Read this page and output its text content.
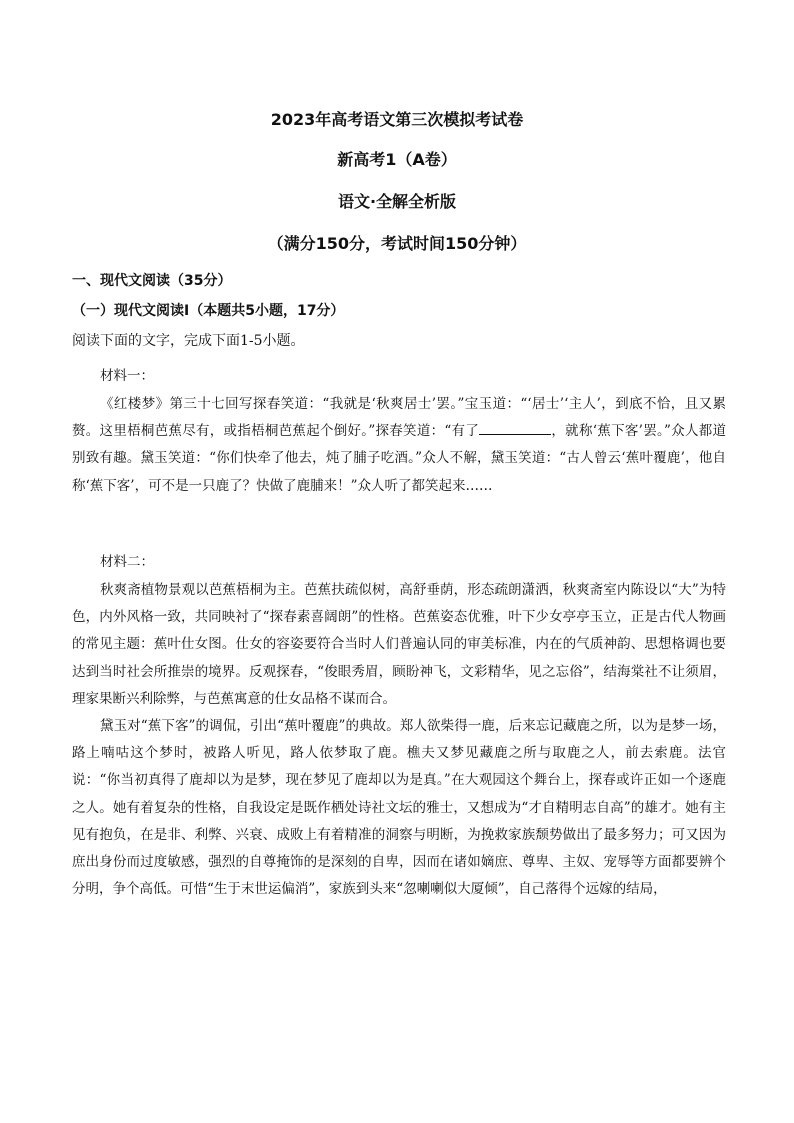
2023年高考语文第三次模拟考试卷
新高考1（A卷）
语文·全解全析版
（满分150分，考试时间150分钟）
一、现代文阅读（35分）
（一）现代文阅读Ⅰ（本题共5小题，17分）
阅读下面的文字，完成下面1-5小题。
材料一：

《红楼梦》第三十七回写探春笑道：“我就是‘秋爽居士’罢。”宝玉道：“‘居士’‘主人’，到底不恰，且又累赘。这里梧桐芭蕉尽有，或指梧桐芭蕉起个倒好。”探春笑道：“有了	，就称‘蕉下客’罢。”众人都道别致有趣。黛玉笑道：“你们快牵了他去，炖了脯子吃酒。”众人不解，黛玉笑道：“古人曾云‘蕉叶覆鹿’，他自称‘蕉下客’，可不是一只鹿了？快做了鹿脯来！”众人听了都笑起来……

材料二：

秋爽斋植物景观以芭蕉梧桐为主。芭蕉扶疏似树，高舒垂荫，形态疏朗潇洒，秋爽斋室内陈设以“大”为特色，内外风格一致，共同映衬了“探春素喜阔朗”的性格。芭蕉姿态优雅，叶下少女亭亭玉立，正是古代人物画的常见主题：蕉叶仕女图。仕女的容姿要符合当时人们普遍认同的审美标准，内在的气质神韵、思想格调也要达到当时社会所推崇的境界。反观探春，“俊眼秀眉，顾盼神飞，文彩精华，见之忘俗”，结海棠社不让须眉，理家果断兴利除弊，与芭蕉寓意的仕女品格不谋而合。

黛玉对“蕉下客”的调侃，引出“蕉叶覆鹿”的典故。郑人欲柴得一鹿，后来忘记藏鹿之所，以为是梦一场，路上喃咕这个梦时，被路人听见，路人依梦取了鹿。樵夫又梦见藏鹿之所与取鹿之人，前去索鹿。法官说：“你当初真得了鹿却以为是梦，现在梦见了鹿却以为是真。”在大观园这个舞台上，探春或许正如一个逐鹿之人。她有着复杂的性格，自我设定是既作栖处诗社文坛的雅士，又想成为“才自精明志自高”的雄才。她有主见有抱负，在是非、利弊、兴衰、成败上有着精准的洞察与明断，为挽救家族颓势做出了最多努力；可又因为庶出身份而过度敏感，强烈的自尊掩饰的是深刻的自卑，因而在诸如嫡庶、尊卑、主奴、宠辱等方面都要辨个分明，争个高低。可惜“生于末世运偏消”，家族到头来“忽喇喇似大厦倾”，自己落得个远嫁的结局，
